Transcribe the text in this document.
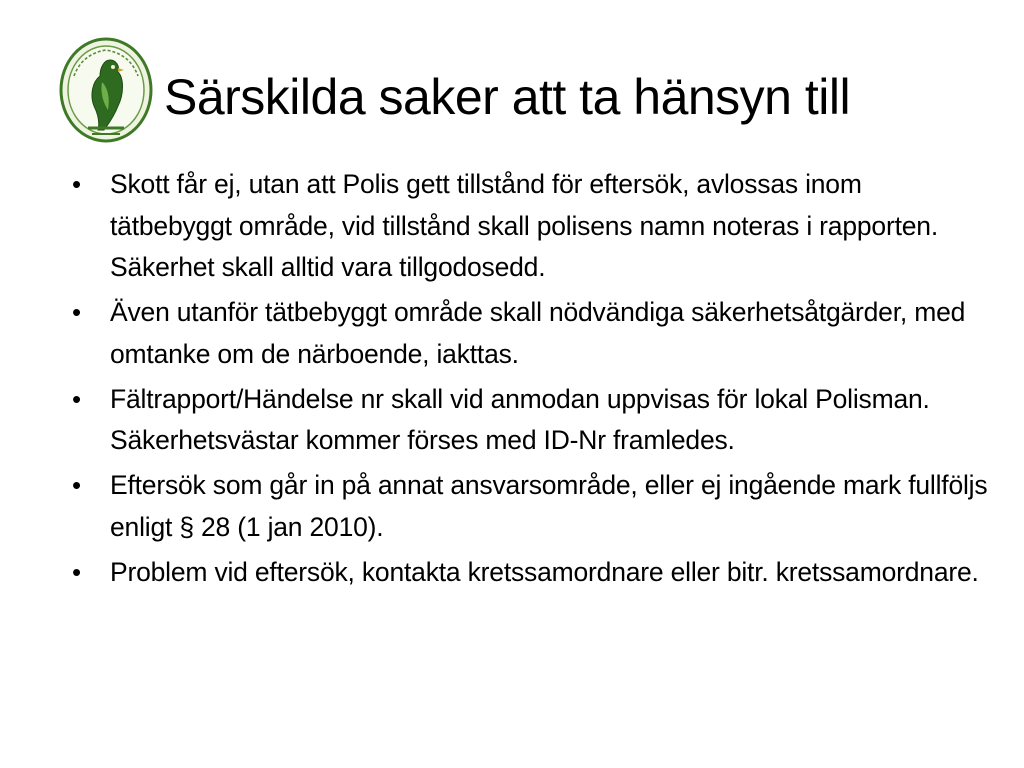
Särskilda saker att ta hänsyn till
• Skott får ej, utan att Polis gett tillstånd för eftersök, avlossas inom tätbebyggt område, vid tillstånd skall polisens namn noteras i rapporten. Säkerhet skall alltid vara tillgodosedd.
• Även utanför tätbebyggt område skall nödvändiga säkerhetsåtgärder, med omtanke om de närboende, iakttas.
• Fältrapport/Händelse nr skall vid anmodan uppvisas för lokal Polisman. Säkerhetsvästar kommer förses med ID-Nr framledes.
• Eftersök som går in på annat ansvarsområde, eller ej ingående mark fullföljs enligt § 28 (1 jan 2010).
• Problem vid eftersök, kontakta kretssamordnare eller bitr. kretssamordnare.
